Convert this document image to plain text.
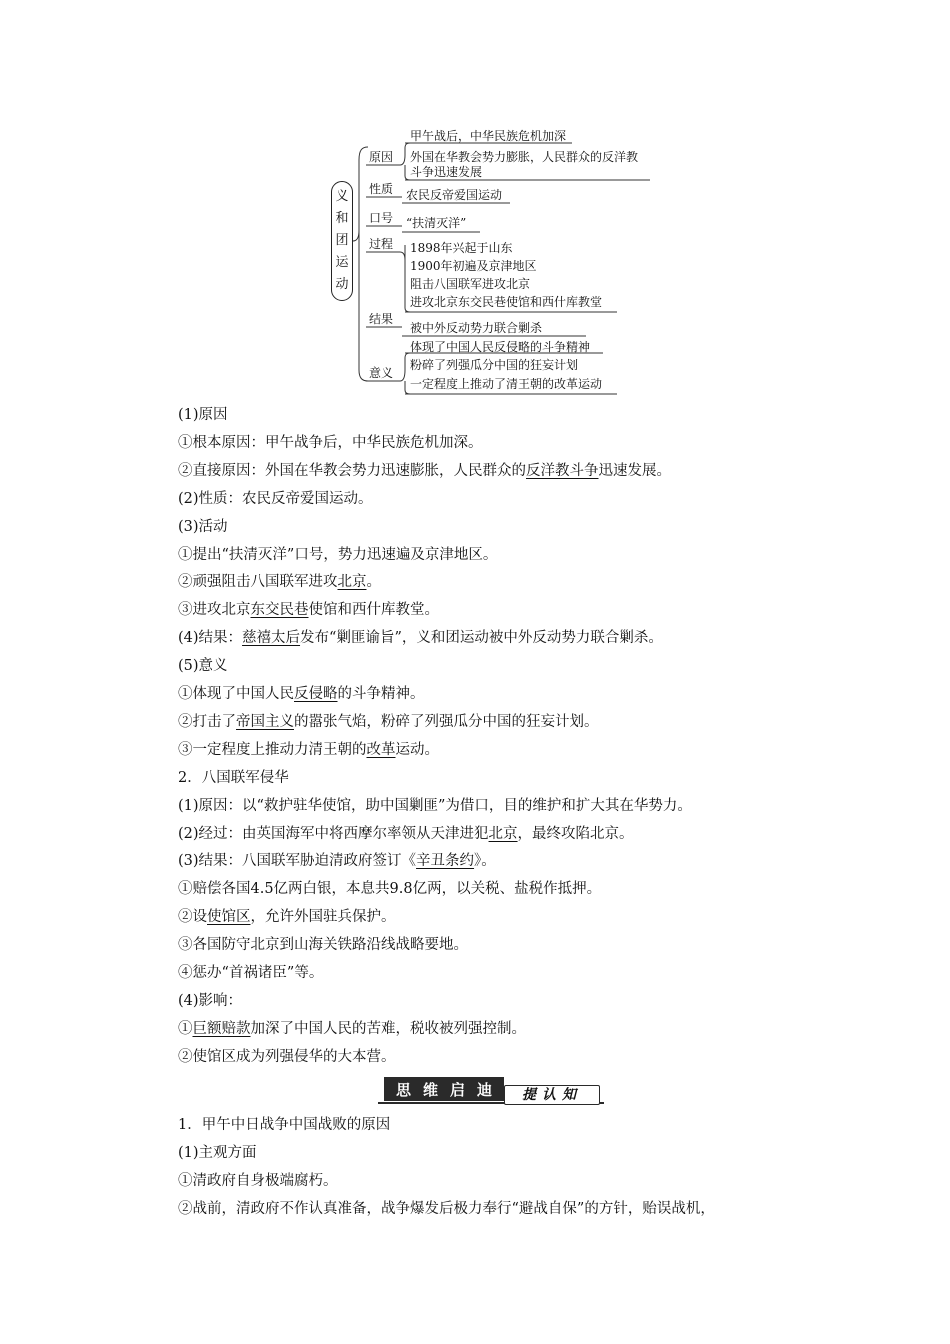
义和团运动
原因
性质
口号
过程
结果
意义
甲午战后，中华民族危机加深
外国在华教会势力膨胀，人民群众的反洋教
斗争迅速发展
农民反帝爱国运动
“扶清灭洋”
1898年兴起于山东
1900年初遍及京津地区
阻击八国联军进攻北京
进攻北京东交民巷使馆和西什库教堂
被中外反动势力联合剿杀
体现了中国人民反侵略的斗争精神
粉碎了列强瓜分中国的狂妄计划
一定程度上推动了清王朝的改革运动
(1)原因
①根本原因：甲午战争后，中华民族危机加深。
②直接原因：外国在华教会势力迅速膨胀，人民群众的反洋教斗争迅速发展。
(2)性质：农民反帝爱国运动。
(3)活动
①提出“扶清灭洋”口号，势力迅速遍及京津地区。
②顽强阻击八国联军进攻北京。
③进攻北京东交民巷使馆和西什库教堂。
(4)结果：慈禧太后发布“剿匪谕旨”，义和团运动被中外反动势力联合剿杀。
(5)意义
①体现了中国人民反侵略的斗争精神。
②打击了帝国主义的嚣张气焰，粉碎了列强瓜分中国的狂妄计划。
③一定程度上推动力清王朝的改革运动。
2．八国联军侵华
(1)原因：以“救护驻华使馆，助中国剿匪”为借口，目的维护和扩大其在华势力。
(2)经过：由英国海军中将西摩尔率领从天津进犯北京，最终攻陷北京。
(3)结果：八国联军胁迫清政府签订《辛丑条约》。
①赔偿各国4.5亿两白银，本息共9.8亿两，以关税、盐税作抵押。
②设使馆区，允许外国驻兵保护。
③各国防守北京到山海关铁路沿线战略要地。
④惩办“首祸诸臣”等。
(4)影响：
①巨额赔款加深了中国人民的苦难，税收被列强控制。
②使馆区成为列强侵华的大本营。
思 维 启 迪	提认知
1．甲午中日战争中国战败的原因
(1)主观方面
①清政府自身极端腐朽。
②战前，清政府不作认真准备，战争爆发后极力奉行“避战自保”的方针，贻误战机，
